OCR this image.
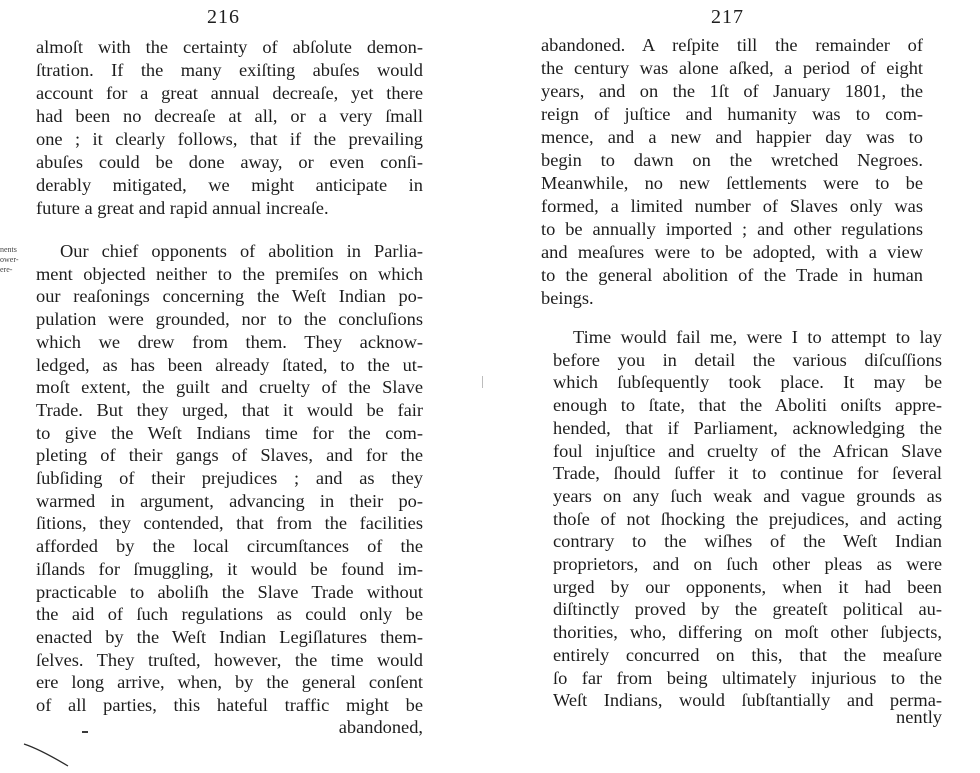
216
nents
ower-
ere-
almoſt with the certainty of abſolute demon-
ſtration. If the many exiſting abuſes would
account for a great annual decreaſe, yet there
had been no decreaſe at all, or a very ſmall
one ; it clearly follows, that if the prevailing
abuſes could be done away, or even conſi-
derably mitigated, we might anticipate in
future a great and rapid annual increaſe.
Our chief opponents of abolition in Parlia-
ment objected neither to the premiſes on which
our reaſonings concerning the Weſt Indian po-
pulation were grounded, nor to the concluſions
which we drew from them. They acknow-
ledged, as has been already ſtated, to the ut-
moſt extent, the guilt and cruelty of the Slave
Trade. But they urged, that it would be fair
to give the Weſt Indians time for the com-
pleting of their gangs of Slaves, and for the
ſubſiding of their prejudices ; and as they
warmed in argument, advancing in their po-
ſitions, they contended, that from the facilities
afforded by the local circumſtances of the
iſlands for ſmuggling, it would be found im-
practicable to aboliſh the Slave Trade without
the aid of ſuch regulations as could only be
enacted by the Weſt Indian Legiſlatures them-
ſelves. They truſted, however, the time would
ere long arrive, when, by the general conſent
of all parties, this hateful traffic might be
abandoned,
217
abandoned. A reſpite till the remainder of
the century was alone aſked, a period of eight
years, and on the 1ſt of January 1801, the
reign of juſtice and humanity was to com-
mence, and a new and happier day was to
begin to dawn on the wretched Negroes.
Meanwhile, no new ſettlements were to be
formed, a limited number of Slaves only was
to be annually imported ; and other regulations
and meaſures were to be adopted, with a view
to the general abolition of the Trade in human
beings.
Time would fail me, were I to attempt to lay
before you in detail the various diſcuſſions
which ſubſequently took place. It may be
enough to ſtate, that the Aboliti oniſts appre-
hended, that if Parliament, acknowledging the
foul injuſtice and cruelty of the African Slave
Trade, ſhould ſuffer it to continue for ſeveral
years on any ſuch weak and vague grounds as
thoſe of not ſhocking the prejudices, and acting
contrary to the wiſhes of the Weſt Indian
proprietors, and on ſuch other pleas as were
urged by our opponents, when it had been
diſtinctly proved by the greateſt political au-
thorities, who, differing on moſt other ſubjects,
entirely concurred on this, that the meaſure
ſo far from being ultimately injurious to the
Weſt Indians, would ſubſtantially and perma-
nently
